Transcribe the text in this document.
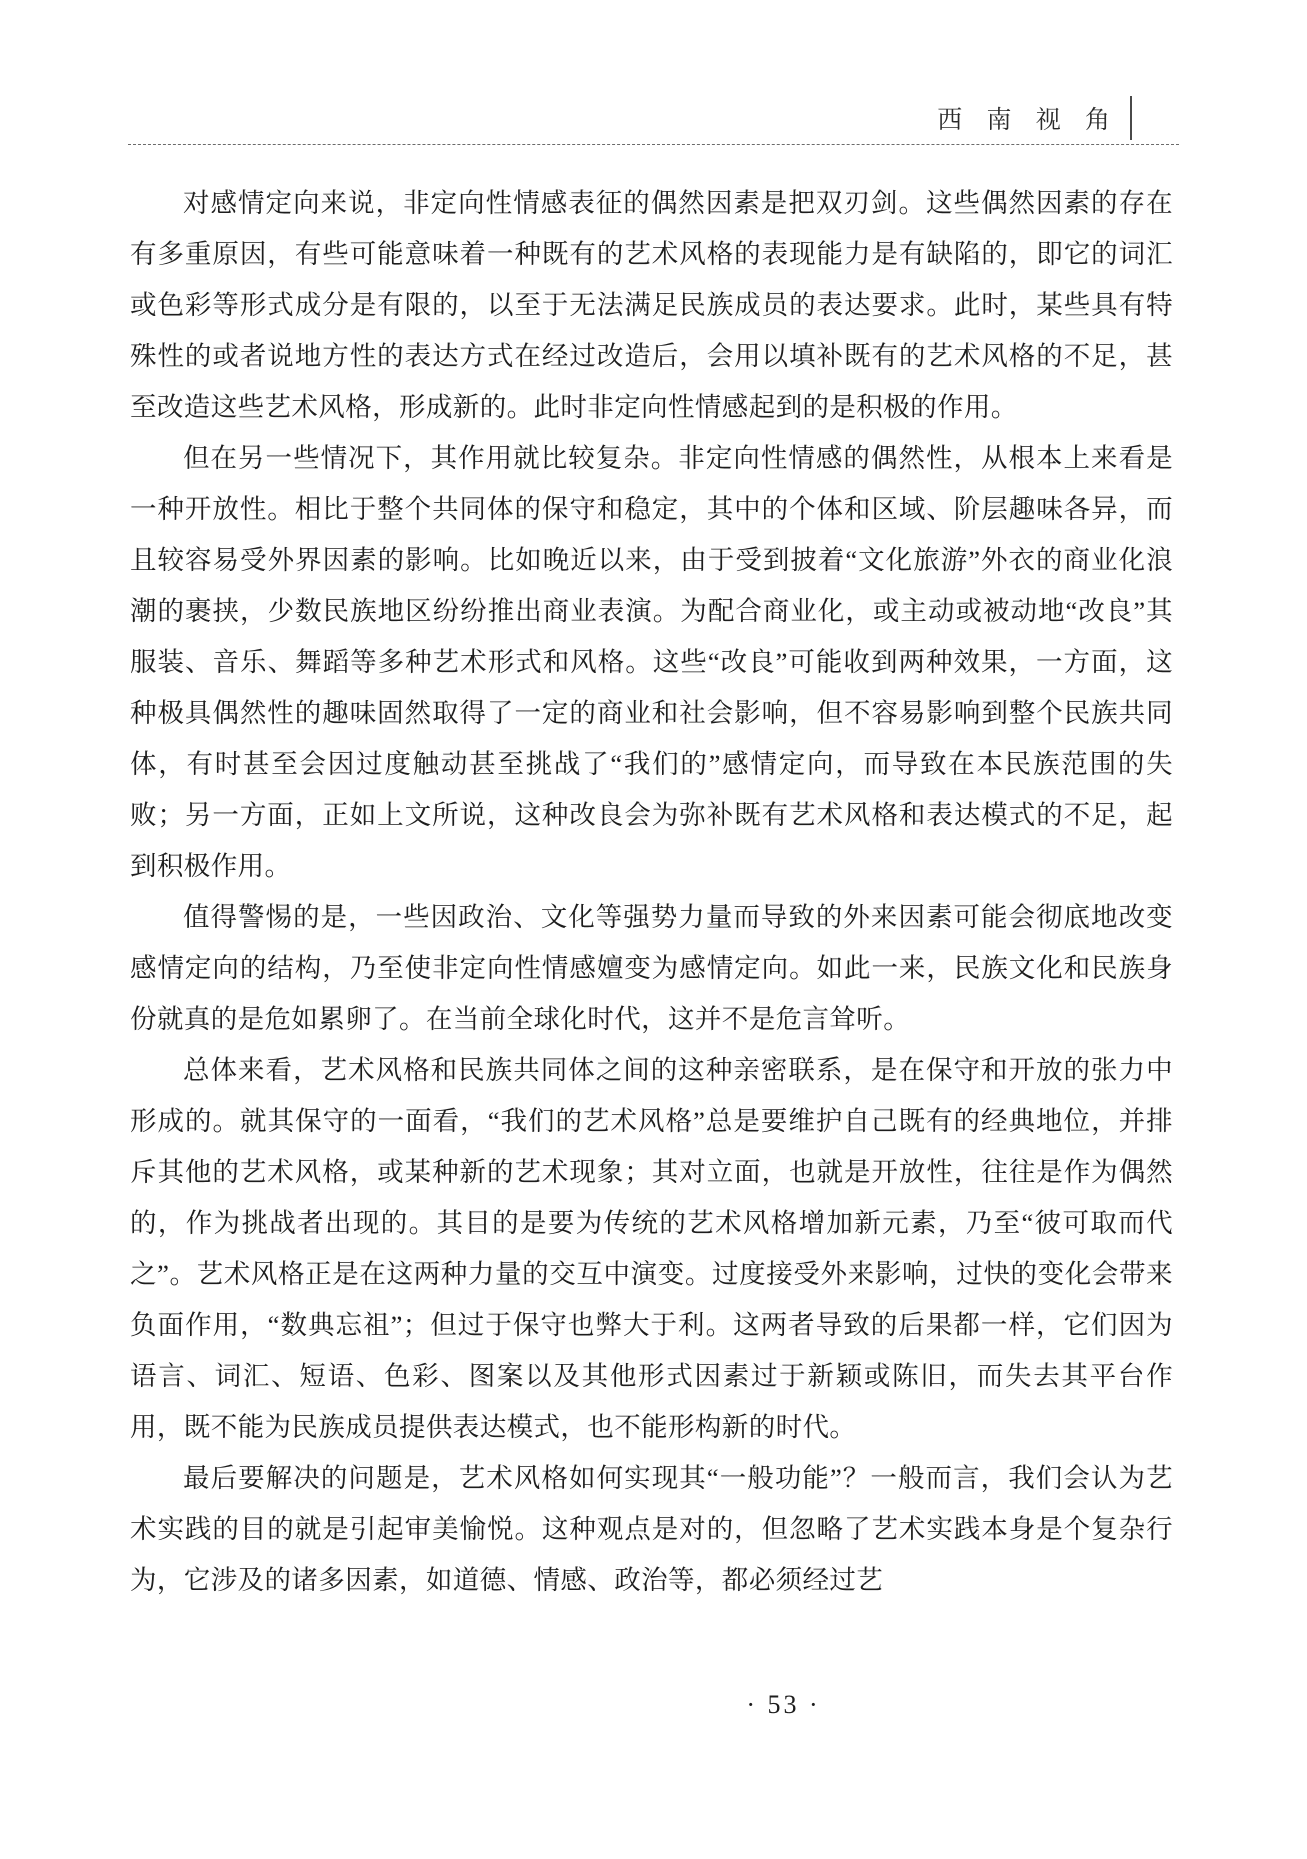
西 南 视 角

对感情定向来说，非定向性情感表征的偶然因素是把双刃剑。这些偶然因素的存在有多重原因，有些可能意味着一种既有的艺术风格的表现能力是有缺陷的，即它的词汇或色彩等形式成分是有限的，以至于无法满足民族成员的表达要求。此时，某些具有特殊性的或者说地方性的表达方式在经过改造后，会用以填补既有的艺术风格的不足，甚至改造这些艺术风格，形成新的。此时非定向性情感起到的是积极的作用。

但在另一些情况下，其作用就比较复杂。非定向性情感的偶然性，从根本上来看是一种开放性。相比于整个共同体的保守和稳定，其中的个体和区域、阶层趣味各异，而且较容易受外界因素的影响。比如晚近以来，由于受到披着“文化旅游”外衣的商业化浪潮的裹挟，少数民族地区纷纷推出商业表演。为配合商业化，或主动或被动地“改良”其服装、音乐、舞蹈等多种艺术形式和风格。这些“改良”可能收到两种效果，一方面，这种极具偶然性的趣味固然取得了一定的商业和社会影响，但不容易影响到整个民族共同体，有时甚至会因过度触动甚至挑战了“我们的”感情定向，而导致在本民族范围的失败；另一方面，正如上文所说，这种改良会为弥补既有艺术风格和表达模式的不足，起到积极作用。

值得警惕的是，一些因政治、文化等强势力量而导致的外来因素可能会彻底地改变感情定向的结构，乃至使非定向性情感嬗变为感情定向。如此一来，民族文化和民族身份就真的是危如累卵了。在当前全球化时代，这并不是危言耸听。

总体来看，艺术风格和民族共同体之间的这种亲密联系，是在保守和开放的张力中形成的。就其保守的一面看，“我们的艺术风格”总是要维护自己既有的经典地位，并排斥其他的艺术风格，或某种新的艺术现象；其对立面，也就是开放性，往往是作为偶然的，作为挑战者出现的。其目的是要为传统的艺术风格增加新元素，乃至“彼可取而代之”。艺术风格正是在这两种力量的交互中演变。过度接受外来影响，过快的变化会带来负面作用，“数典忘祖”；但过于保守也弊大于利。这两者导致的后果都一样，它们因为语言、词汇、短语、色彩、图案以及其他形式因素过于新颖或陈旧，而失去其平台作用，既不能为民族成员提供表达模式，也不能形构新的时代。

最后要解决的问题是，艺术风格如何实现其“一般功能”？一般而言，我们会认为艺术实践的目的就是引起审美愉悦。这种观点是对的，但忽略了艺术实践本身是个复杂行为，它涉及的诸多因素，如道德、情感、政治等，都必须经过艺

· 53 ·
